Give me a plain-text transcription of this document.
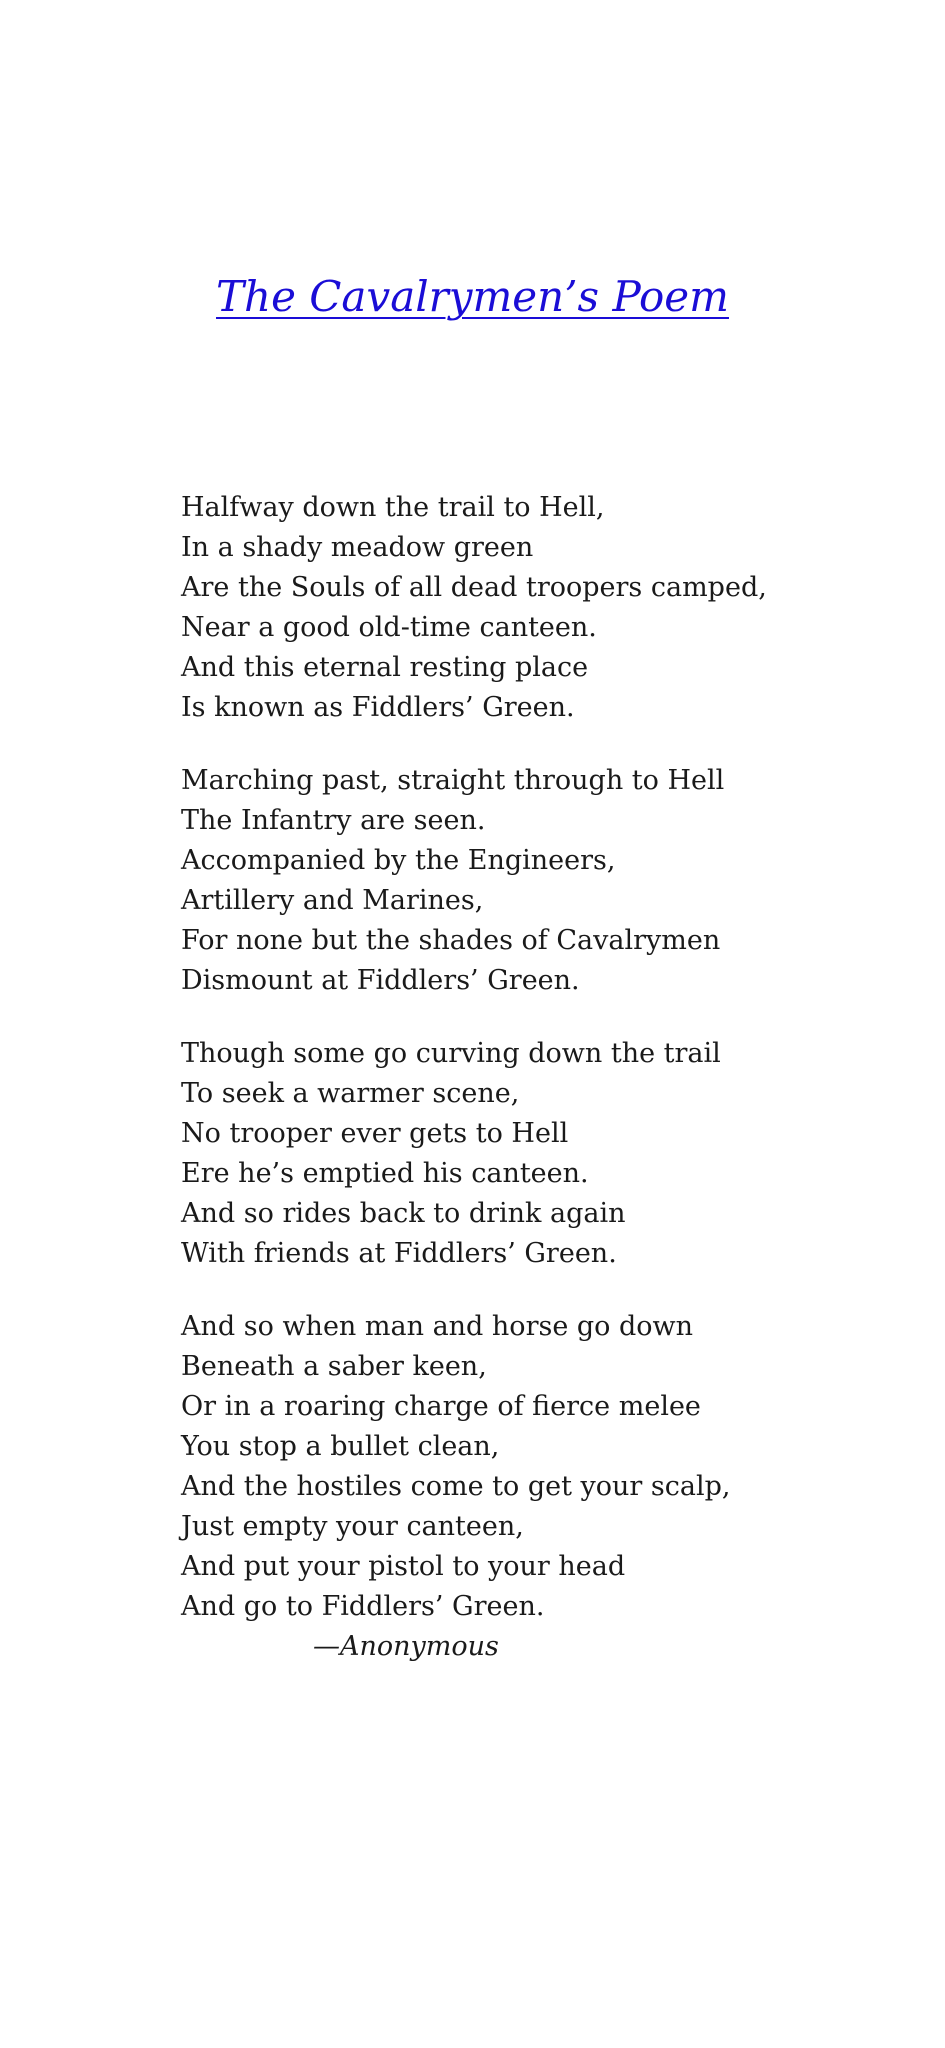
The Cavalrymen’s Poem
Halfway down the trail to Hell,
In a shady meadow green
Are the Souls of all dead troopers camped,
Near a good old-time canteen.
And this eternal resting place
Is known as Fiddlers’ Green.
Marching past, straight through to Hell
The Infantry are seen.
Accompanied by the Engineers,
Artillery and Marines,
For none but the shades of Cavalrymen
Dismount at Fiddlers’ Green.
Though some go curving down the trail
To seek a warmer scene,
No trooper ever gets to Hell
Ere he’s emptied his canteen.
And so rides back to drink again
With friends at Fiddlers’ Green.
And so when man and horse go down
Beneath a saber keen,
Or in a roaring charge of fierce melee
You stop a bullet clean,
And the hostiles come to get your scalp,
Just empty your canteen,
And put your pistol to your head
And go to Fiddlers’ Green.
—Anonymous
